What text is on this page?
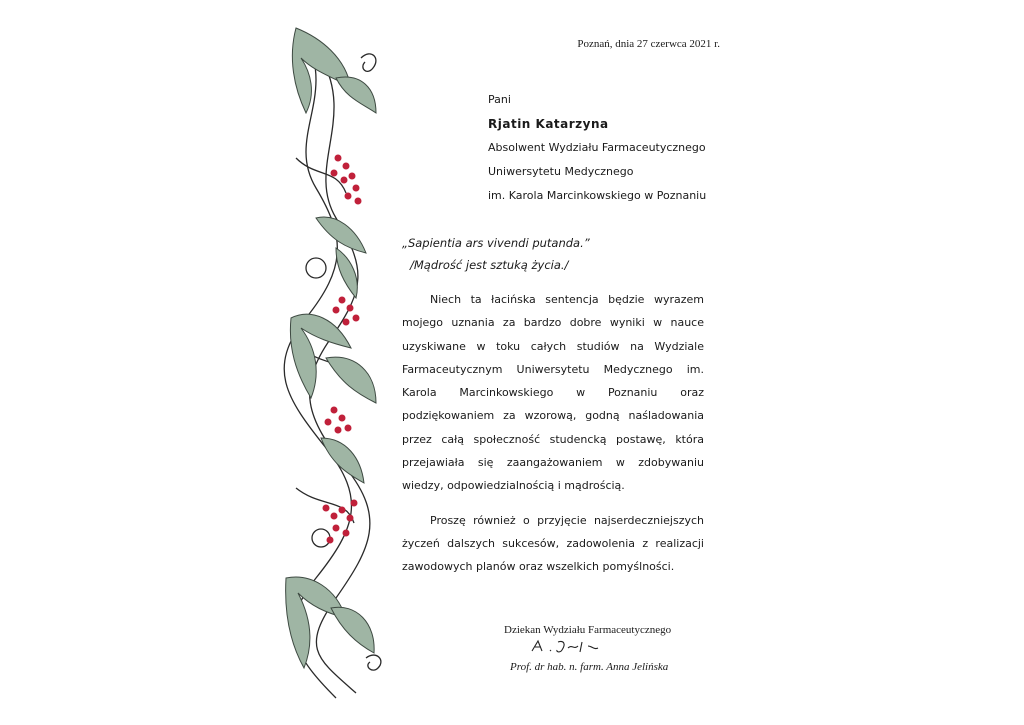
Poznań, dnia 27 czerwca 2021 r.
Pani
Rjatin Katarzyna
Absolwent Wydziału Farmaceutycznego
Uniwersytetu Medycznego
im. Karola Marcinkowskiego w Poznaniu
„Sapientia ars vivendi putanda.”
/Mądrość jest sztuką życia./

Niech ta łacińska sentencja będzie wyrazem mojego uznania za bardzo dobre wyniki w nauce uzyskiwane w toku całych studiów na Wydziale Farmaceutycznym Uniwersytetu Medycznego im. Karola Marcinkowskiego w Poznaniu oraz podziękowaniem za wzorową, godną naśladowania przez całą społeczność studencką postawę, która przejawiała się zaangażowaniem w zdobywaniu wiedzy, odpowiedzialnością i mądrością.

Proszę również o przyjęcie najserdeczniejszych życzeń dalszych sukcesów, zadowolenia z realizacji zawodowych planów oraz wszelkich pomyślności.

Dziekan Wydziału Farmaceutycznego
Prof. dr hab. n. farm. Anna Jelińska
